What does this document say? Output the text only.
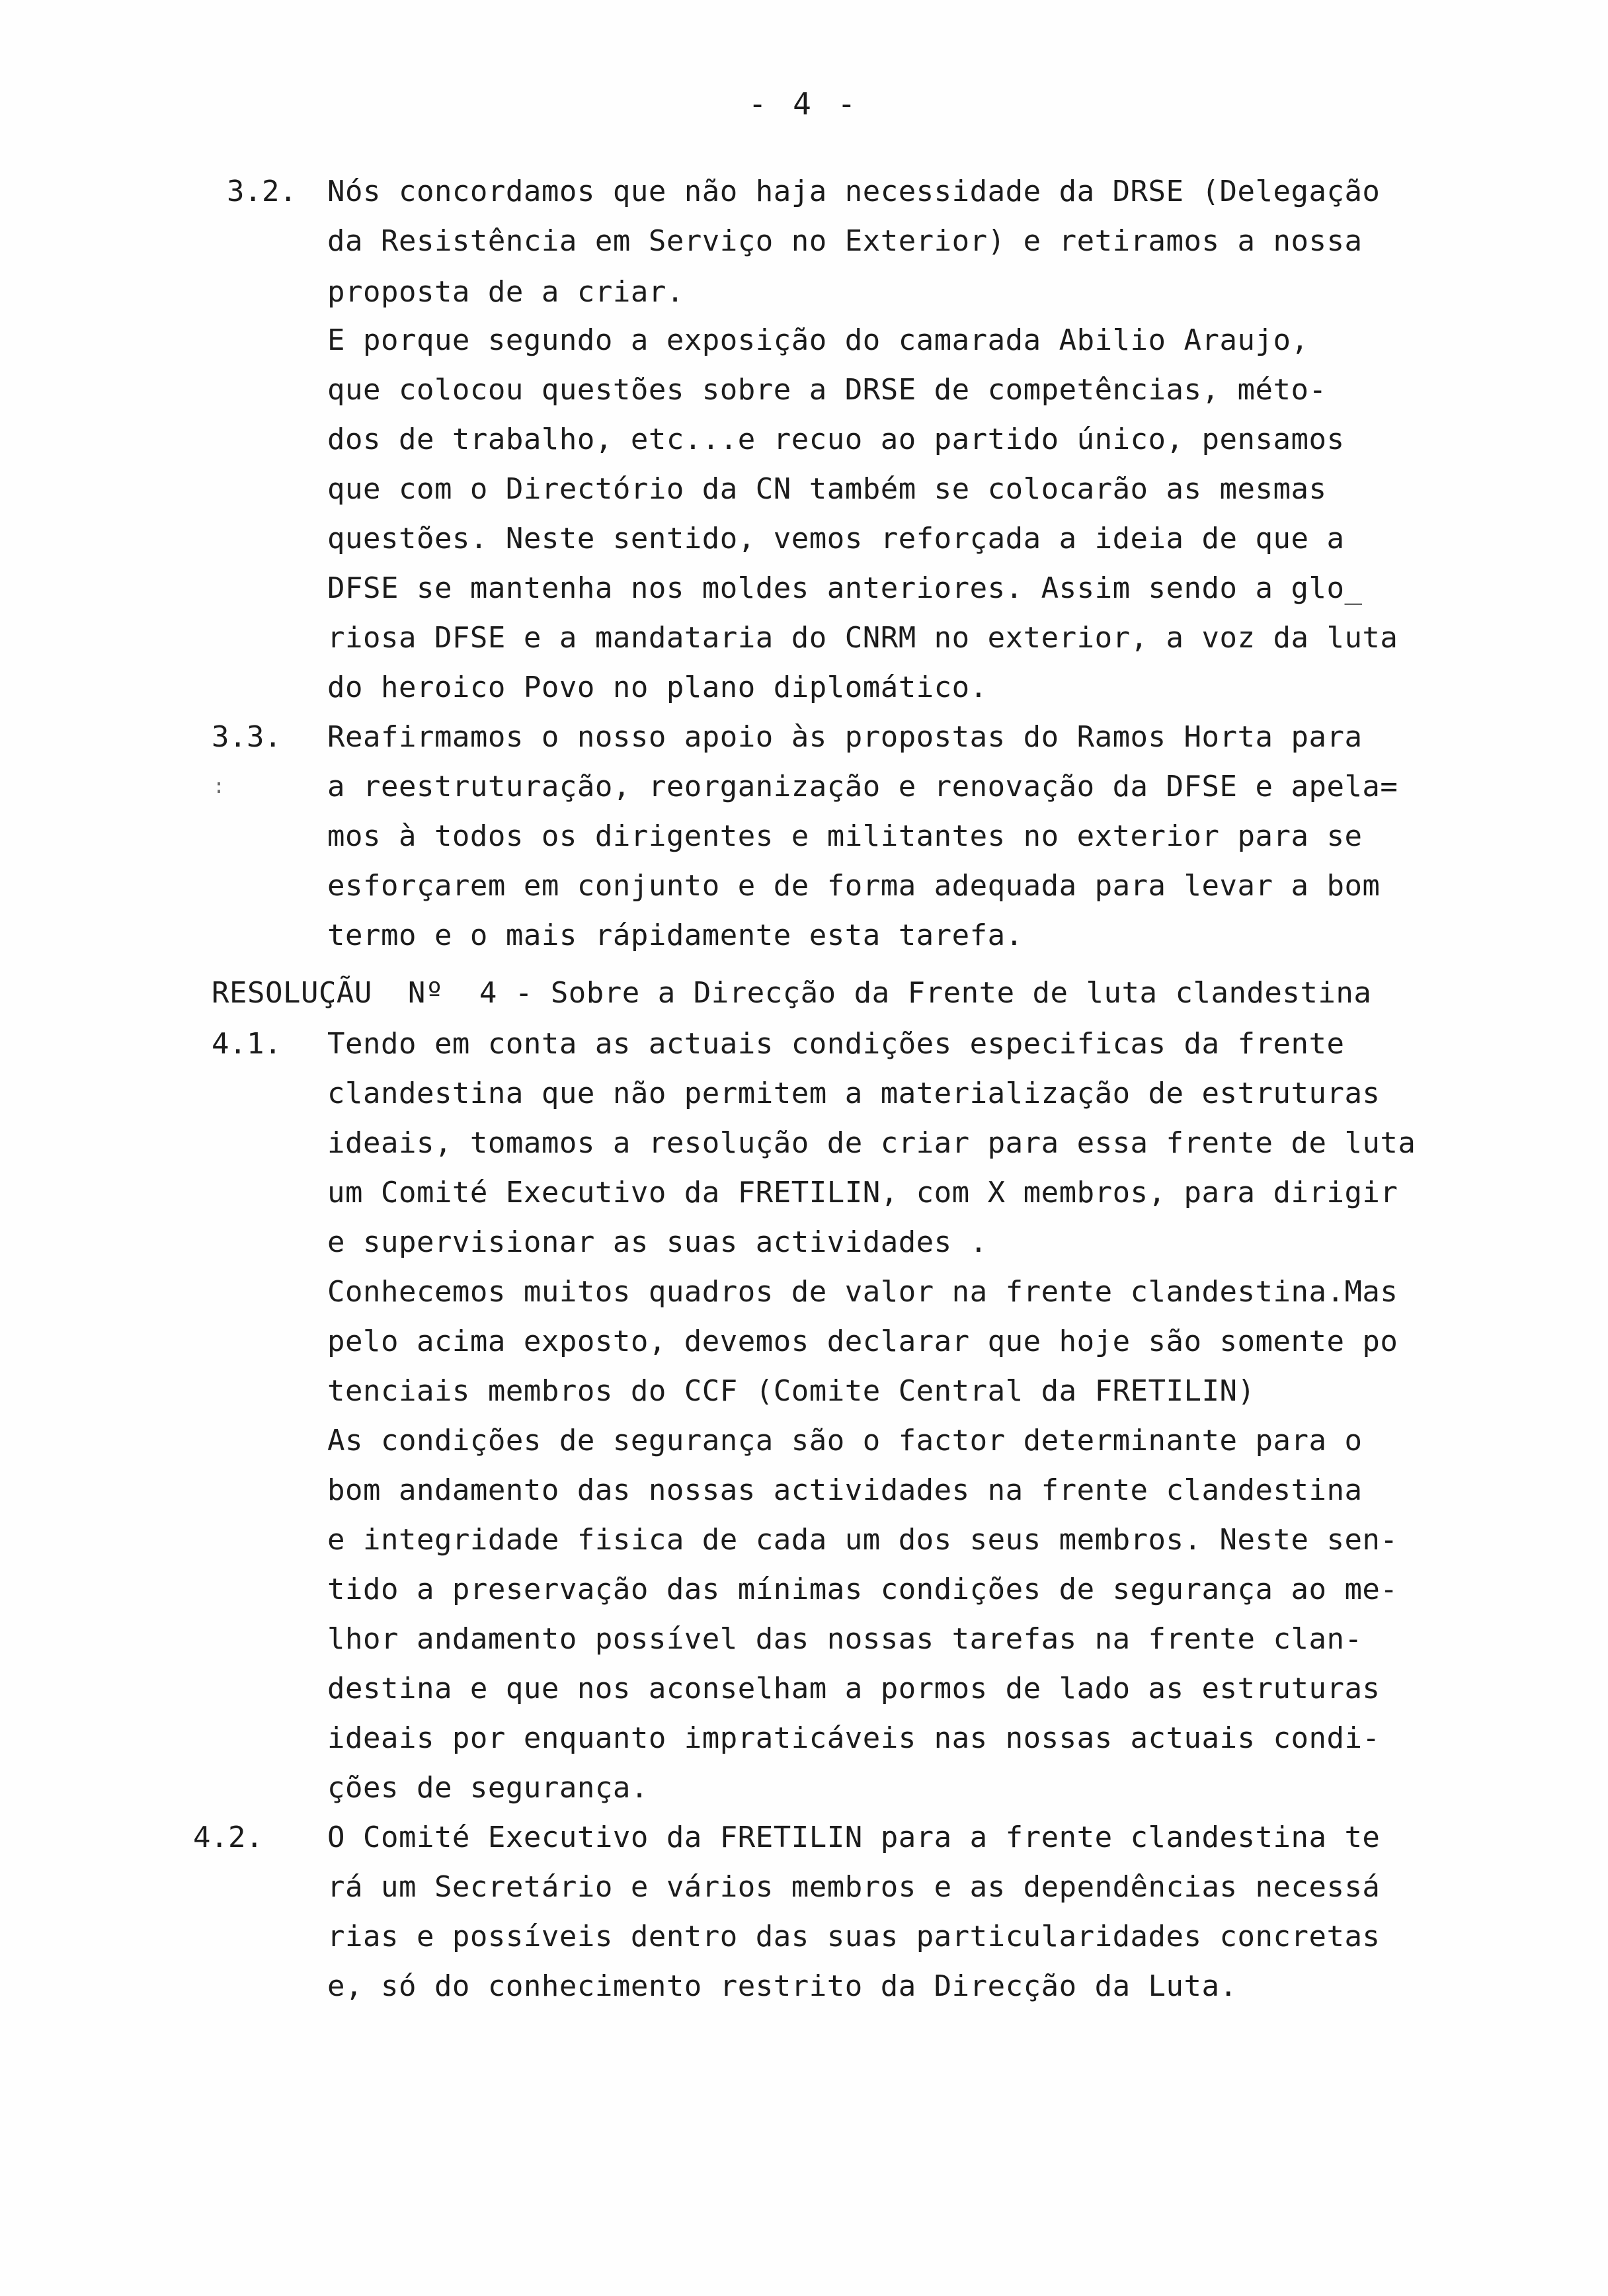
- 4 -
3.2. Nós concordamos que não haja necessidade da DRSE (Delegação
da Resistência em Serviço no Exterior) e retiramos a nossa
proposta de a criar.
E porque segundo a exposição do camarada Abilio Araujo,
que colocou questões sobre a DRSE de competências, méto-
dos de trabalho, etc...e recuo ao partido único, pensamos
que com o Directório da CN também se colocarão as mesmas
questões. Neste sentido, vemos reforçada a ideia de que a
DFSE se mantenha nos moldes anteriores. Assim sendo a glo_
riosa DFSE e a mandataria do CNRM no exterior, a voz da luta
do heroico Povo no plano diplomático.
3.3. Reafirmamos o nosso apoio às propostas do Ramos Horta para
a reestruturação, reorganização e renovação da DFSE e apela=
mos à todos os dirigentes e militantes no exterior para se
esforçarem em conjunto e de forma adequada para levar a bom
termo e o mais rápidamente esta tarefa.
:
RESOLUÇÃU  Nº  4 - Sobre a Direcção da Frente de luta clandestina
4.1. Tendo em conta as actuais condições especificas da frente
clandestina que não permitem a materialização de estruturas
ideais, tomamos a resolução de criar para essa frente de luta
um Comité Executivo da FRETILIN, com X membros, para dirigir
e supervisionar as suas actividades .
Conhecemos muitos quadros de valor na frente clandestina.Mas
pelo acima exposto, devemos declarar que hoje são somente po
tenciais membros do CCF (Comite Central da FRETILIN)
As condições de segurança são o factor determinante para o
bom andamento das nossas actividades na frente clandestina
e integridade fisica de cada um dos seus membros. Neste sen-
tido a preservação das mínimas condições de segurança ao me-
lhor andamento possível das nossas tarefas na frente clan-
destina e que nos aconselham a pormos de lado as estruturas
ideais por enquanto impraticáveis nas nossas actuais condi-
ções de segurança.
4.2. O Comité Executivo da FRETILIN para a frente clandestina te
rá um Secretário e vários membros e as dependências necessá
rias e possíveis dentro das suas particularidades concretas
e, só do conhecimento restrito da Direcção da Luta.
